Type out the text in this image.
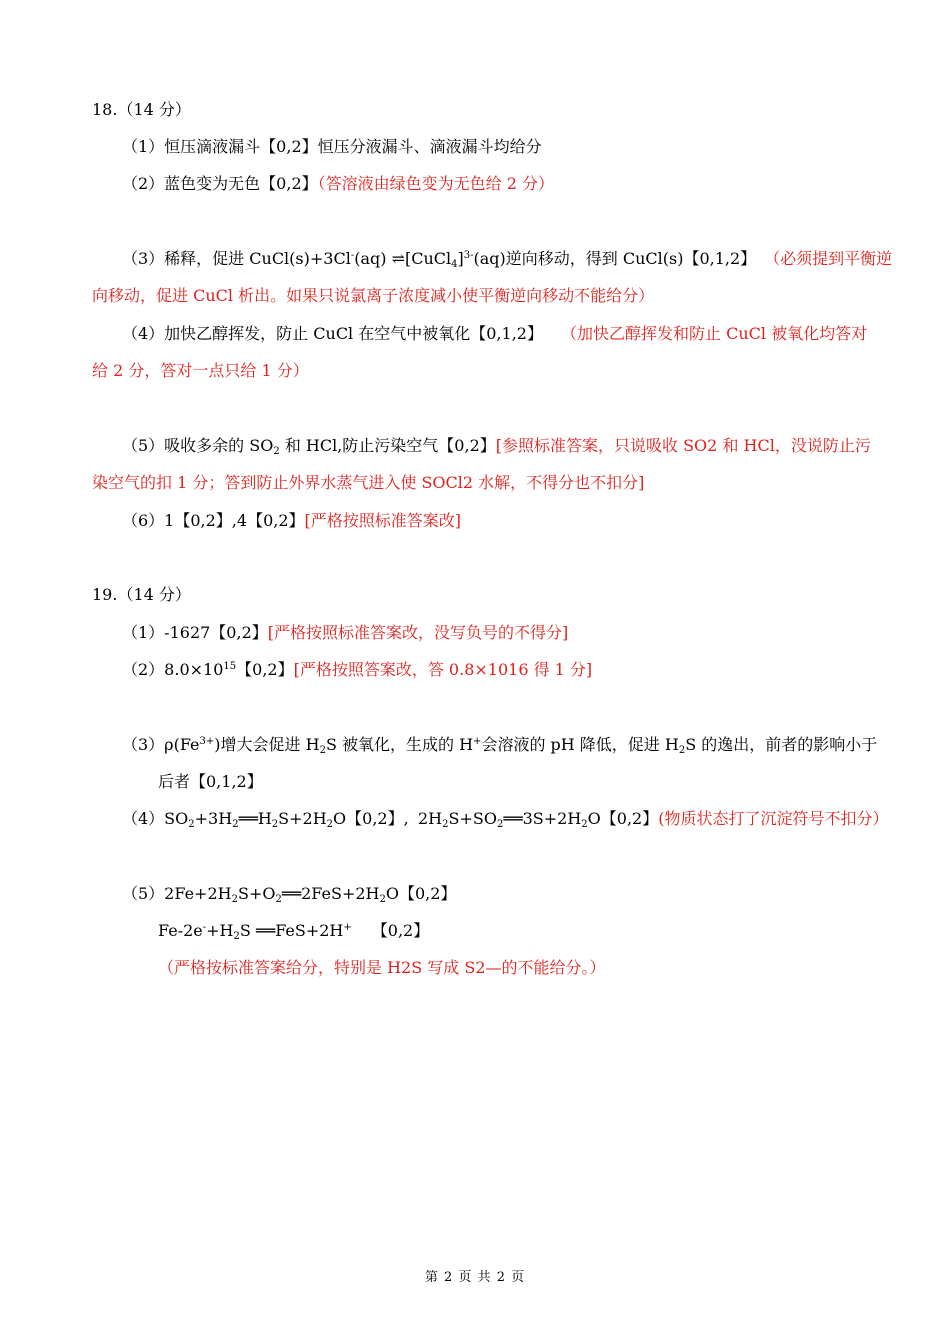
18.（14 分）
（1）恒压滴液漏斗【0,2】恒压分液漏斗、滴液漏斗均给分
（2）蓝色变为无色【0,2】（答溶液由绿色变为无色给 2 分）
（3）稀释，促进 CuCl(s)+3Cl-(aq) ⇌[CuCl$_4$]$^{3-}$(aq)逆向移动，得到 CuCl(s)【0,1,2】 （必须提到平衡逆
向移动，促进 CuCl 析出。如果只说氯离子浓度减小使平衡逆向移动不能给分）
（4）加快乙醇挥发，防止 CuCl 在空气中被氧化【0,1,2】 （加快乙醇挥发和防止 CuCl 被氧化均答对
给 2 分，答对一点只给 1 分）
（5）吸收多余的 $SO_2$ 和 HCl,防止污染空气【0,2】[参照标准答案，只说吸收 SO2 和 HCl，没说防止污
染空气的扣 1 分；答到防止外界水蒸气进入使 SOCl2 水解，不得分也不扣分]
（6）1【0,2】,4【0,2】[严格按照标准答案改]
19.（14 分）
（1）-1627【0,2】[严格按照标准答案改，没写负号的不得分]
$(2)8.0\times 10^{15}$【0,2】[严格按照答案改，答 0.8×1016 得 1 分]
$(3)\rho(Fe^{3+})$增大会促进 $H_2S$ 被氧化，生成的 H+会溶液的 pH 降低，促进 $H_2S$ 的逸出，前者的影响小于
后者【0,1,2】
$(4)SO_2+3H_2══H_2S+2H_2O$【0,2】, $2H_2S+SO_2══3S+2H_2O$【0,2】(物质状态打了沉淀符号不扣分）
$(5)2Fe+2H_2S+O_2══2FeS+2H_2O$【0,2】
$Fe-2e^-+H_2S$ ══FeS+2H+ 【0,2】
（严格按标准答案给分，特别是 H2S 写成 S2—的不能给分。）
第 2 页 共 2 页
